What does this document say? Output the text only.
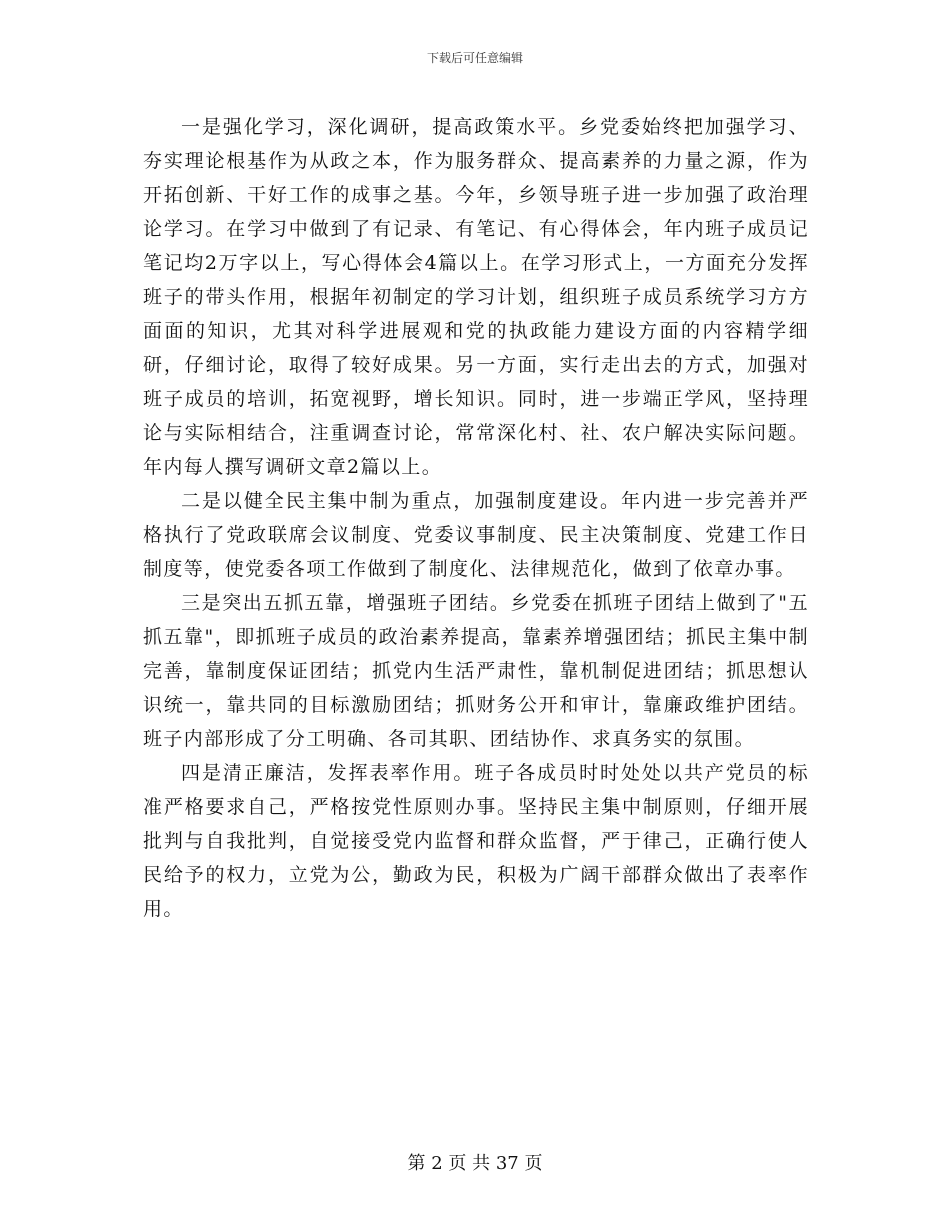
下载后可任意编辑

一是强化学习，深化调研，提高政策水平。乡党委始终把加强学习、夯实理论根基作为从政之本，作为服务群众、提高素养的力量之源，作为开拓创新、干好工作的成事之基。今年，乡领导班子进一步加强了政治理论学习。在学习中做到了有记录、有笔记、有心得体会，年内班子成员记笔记均2万字以上，写心得体会4篇以上。在学习形式上，一方面充分发挥班子的带头作用，根据年初制定的学习计划，组织班子成员系统学习方方面面的知识，尤其对科学进展观和党的执政能力建设方面的内容精学细研，仔细讨论，取得了较好成果。另一方面，实行走出去的方式，加强对班子成员的培训，拓宽视野，增长知识。同时，进一步端正学风，坚持理论与实际相结合，注重调查讨论，常常深化村、社、农户解决实际问题。年内每人撰写调研文章2篇以上。

二是以健全民主集中制为重点，加强制度建设。年内进一步完善并严格执行了党政联席会议制度、党委议事制度、民主决策制度、党建工作日制度等，使党委各项工作做到了制度化、法律规范化，做到了依章办事。

三是突出五抓五靠，增强班子团结。乡党委在抓班子团结上做到了"五抓五靠"，即抓班子成员的政治素养提高，靠素养增强团结；抓民主集中制完善，靠制度保证团结；抓党内生活严肃性，靠机制促进团结；抓思想认识统一，靠共同的目标激励团结；抓财务公开和审计，靠廉政维护团结。班子内部形成了分工明确、各司其职、团结协作、求真务实的氛围。

四是清正廉洁，发挥表率作用。班子各成员时时处处以共产党员的标准严格要求自己，严格按党性原则办事。坚持民主集中制原则，仔细开展批判与自我批判，自觉接受党内监督和群众监督，严于律己，正确行使人民给予的权力，立党为公，勤政为民，积极为广阔干部群众做出了表率作用。

第 2 页 共 37 页
